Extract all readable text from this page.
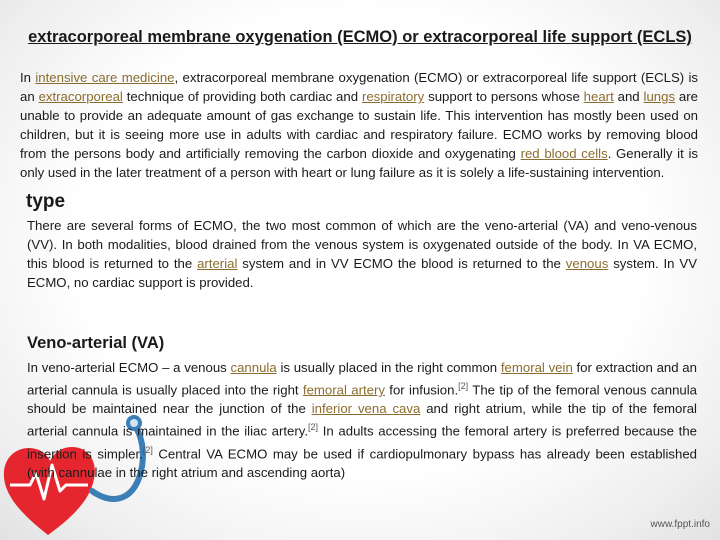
extracorporeal membrane oxygenation (ECMO) or extracorporeal life support (ECLS)

In intensive care medicine, extracorporeal membrane oxygenation (ECMO) or extracorporeal life support (ECLS) is an extracorporeal technique of providing both cardiac and respiratory support to persons whose heart and lungs are unable to provide an adequate amount of gas exchange to sustain life. This intervention has mostly been used on children, but it is seeing more use in adults with cardiac and respiratory failure. ECMO works by removing blood from the persons body and artificially removing the carbon dioxide and oxygenating red blood cells. Generally it is only used in the later treatment of a person with heart or lung failure as it is solely a life-sustaining intervention.

type

There are several forms of ECMO, the two most common of which are the veno-arterial (VA) and veno-venous (VV). In both modalities, blood drained from the venous system is oxygenated outside of the body. In VA ECMO, this blood is returned to the arterial system and in VV ECMO the blood is returned to the venous system. In VV ECMO, no cardiac support is provided.

Veno-arterial (VA)

In veno-arterial ECMO – a venous cannula is usually placed in the right common femoral vein for extraction and an arterial cannula is usually placed into the right femoral artery for infusion.[2] The tip of the femoral venous cannula should be maintained near the junction of the inferior vena cava and right atrium, while the tip of the femoral arterial cannula is maintained in the iliac artery.[2] In adults accessing the femoral artery is preferred because the insertion is simpler.[2] Central VA ECMO may be used if cardiopulmonary bypass has already been established (with cannulae in the right atrium and ascending aorta)

www.fppt.info
